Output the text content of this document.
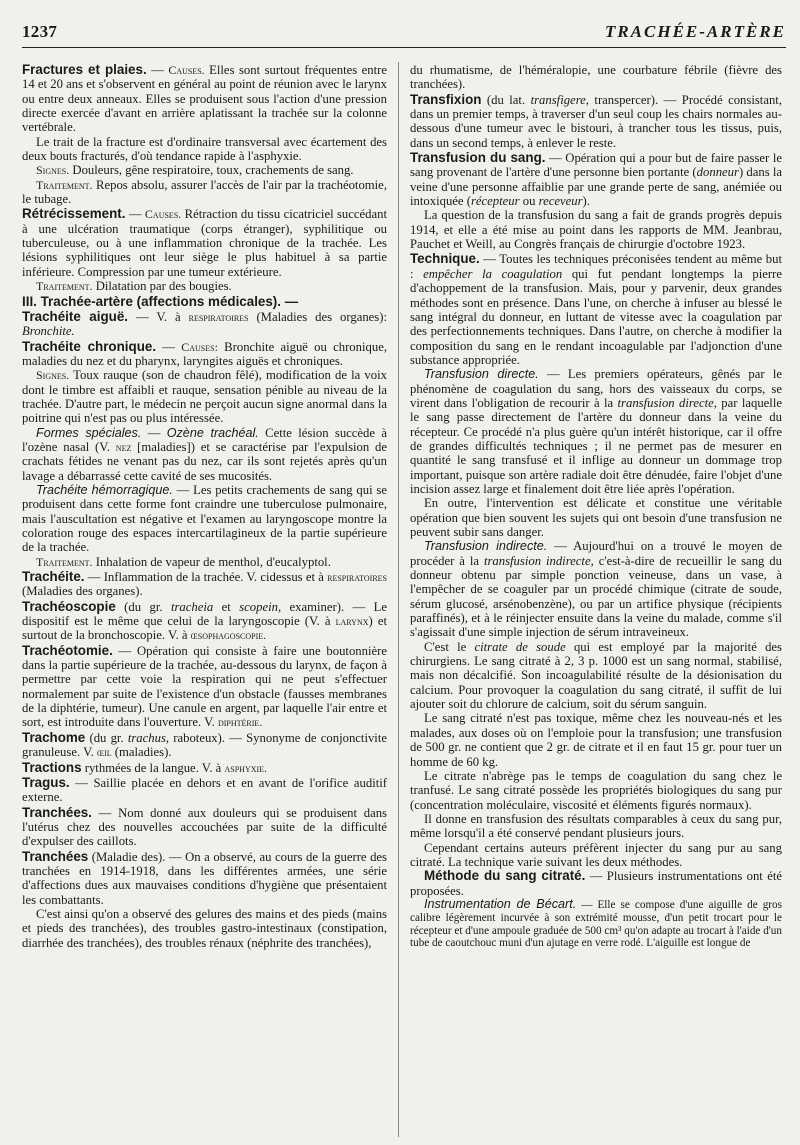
1237	TRACHÉE-ARTÈRE

Fractures et plaies. — Causes. Elles sont surtout fréquentes entre 14 et 20 ans et s'observent en général au point de réunion avec le larynx ou entre deux anneaux. Elles se produisent sous l'action d'une pression directe exercée d'avant en arrière aplatissant la trachée sur la colonne vertébrale.

Le trait de la fracture est d'ordinaire transversal avec écartement des deux bouts fracturés, d'où tendance rapide à l'asphyxie.

Signes. Douleurs, gêne respiratoire, toux, crachements de sang.

Traitement. Repos absolu, assurer l'accès de l'air par la trachéotomie, le tubage.

Rétrécissement. — Causes. Rétraction du tissu cicatriciel succédant à une ulcération traumatique (corps étranger), syphilitique ou tuberculeuse, ou à une inflammation chronique de la trachée. Les lésions syphilitiques ont leur siège le plus habituel à sa partie inférieure. Compression par une tumeur extérieure.

Traitement. Dilatation par des bougies.

III. Trachée-artère (affections médicales). —

Trachéite aiguë. — V. à respiratoires (Maladies des organes): Bronchite.

Trachéite chronique. — Causes: Bronchite aiguë ou chronique, maladies du nez et du pharynx, laryngites aiguës et chroniques.

Signes. Toux rauque (son de chaudron fêlé), modification de la voix dont le timbre est affaibli et rauque, sensation pénible au niveau de la trachée. D'autre part, le médecin ne perçoit aucun signe anormal dans la poitrine qui n'est pas ou plus intéressée.

Formes spéciales. — Ozène trachéal. Cette lésion succède à l'ozène nasal (V. nez [maladies]) et se caractérise par l'expulsion de crachats fétides ne venant pas du nez, car ils sont rejetés après qu'un lavage a débarrassé cette cavité de ses mucosités.

Trachéite hémorragique. — Les petits crachements de sang qui se produisent dans cette forme font craindre une tuberculose pulmonaire, mais l'auscultation est négative et l'examen au laryngoscope montre la coloration rouge des espaces intercartilagineux de la partie supérieure de la trachée.

Traitement. Inhalation de vapeur de menthol, d'eucalyptol.

Trachéite. — Inflammation de la trachée. V. cidessus et à respiratoires (Maladies des organes).

Trachéoscopie (du gr. tracheia et scopein, examiner). — Le dispositif est le même que celui de la laryngoscopie (V. à larynx) et surtout de la bronchoscopie. V. à œsophagoscopie.

Trachéotomie. — Opération qui consiste à faire une boutonnière dans la partie supérieure de la trachée, au-dessous du larynx, de façon à permettre par cette voie la respiration qui ne peut s'effectuer normalement par suite de l'existence d'un obstacle (fausses membranes de la diphtérie, tumeur). Une canule en argent, par laquelle l'air entre et sort, est introduite dans l'ouverture. V. diphtérie.

Trachome (du gr. trachus, raboteux). — Synonyme de conjonctivite granuleuse. V. œil (maladies).

Tractions rythmées de la langue. V. à asphyxie.

Tragus. — Saillie placée en dehors et en avant de l'orifice auditif externe.

Tranchées. — Nom donné aux douleurs qui se produisent dans l'utérus chez des nouvelles accouchées par suite de la difficulté d'expulser des caillots.

Tranchées (Maladie des). — On a observé, au cours de la guerre des tranchées en 1914-1918, dans les différentes armées, une série d'affections dues aux mauvaises conditions d'hygiène que présentaient les combattants.

C'est ainsi qu'on a observé des gelures des mains et des pieds (mains et pieds des tranchées), des troubles gastro-intestinaux (constipation, diarrhée des tranchées), des troubles rénaux (néphrite des tranchées),

du rhumatisme, de l'héméralopie, une courbature fébrile (fièvre des tranchées).

Transfixion (du lat. transfigere, transpercer). — Procédé consistant, dans un premier temps, à traverser d'un seul coup les chairs normales au-dessous d'une tumeur avec le bistouri, à trancher tous les tissus, puis, dans un second temps, à enlever le reste.

Transfusion du sang. — Opération qui a pour but de faire passer le sang provenant de l'artère d'une personne bien portante (donneur) dans la veine d'une personne affaiblie par une grande perte de sang, anémiée ou intoxiquée (récepteur ou receveur).

La question de la transfusion du sang a fait de grands progrès depuis 1914, et elle a été mise au point dans les rapports de MM. Jeanbrau, Pauchet et Weill, au Congrès français de chirurgie d'octobre 1923.

Technique. — Toutes les techniques préconisées tendent au même but : empêcher la coagulation qui fut pendant longtemps la pierre d'achoppement de la transfusion. Mais, pour y parvenir, deux grandes méthodes sont en présence. Dans l'une, on cherche à infuser au blessé le sang intégral du donneur, en luttant de vitesse avec la coagulation par des perfectionnements techniques. Dans l'autre, on cherche à modifier la composition du sang en le rendant incoagulable par l'adjonction d'une substance appropriée.

Transfusion directe. — Les premiers opérateurs, gênés par le phénomène de coagulation du sang, hors des vaisseaux du corps, se virent dans l'obligation de recourir à la transfusion directe, par laquelle le sang passe directement de l'artère du donneur dans la veine du récepteur. Ce procédé n'a plus guère qu'un intérêt historique, car il offre de grandes difficultés techniques ; il ne permet pas de mesurer en quantité le sang transfusé et il inflige au donneur un dommage trop important, puisque son artère radiale doit être dénudée, faire l'objet d'une incision assez large et finalement doit être liée après l'opération.

En outre, l'intervention est délicate et constitue une véritable opération que bien souvent les sujets qui ont besoin d'une transfusion ne peuvent subir sans danger.

Transfusion indirecte. — Aujourd'hui on a trouvé le moyen de procéder à la transfusion indirecte, c'est-à-dire de recueillir le sang du donneur obtenu par simple ponction veineuse, dans un vase, à l'empêcher de se coaguler par un procédé chimique (citrate de soude, sérum glucosé, arsénobenzène), ou par un artifice physique (récipients paraffinés), et à le réinjecter ensuite dans la veine du malade, comme s'il s'agissait d'une simple injection de sérum intraveineux.

C'est le citrate de soude qui est employé par la majorité des chirurgiens. Le sang citraté à 2, 3 p. 1000 est un sang normal, stabilisé, mais non décalcifié. Son incoagulabilité résulte de la désionisation du calcium. Pour provoquer la coagulation du sang citraté, il suffit de lui ajouter soit du chlorure de calcium, soit du sérum sanguin.

Le sang citraté n'est pas toxique, même chez les nouveau-nés et les malades, aux doses où on l'emploie pour la transfusion; une transfusion de 500 gr. ne contient que 2 gr. de citrate et il en faut 15 gr. pour tuer un homme de 60 kg.

Le citrate n'abrège pas le temps de coagulation du sang chez le tranfusé. Le sang citraté possède les propriétés biologiques du sang pur (concentration moléculaire, viscosité et éléments figurés normaux).

Il donne en transfusion des résultats comparables à ceux du sang pur, même lorsqu'il a été conservé pendant plusieurs jours.

Cependant certains auteurs préfèrent injecter du sang pur au sang citraté. La technique varie suivant les deux méthodes.

Méthode du sang citraté. — Plusieurs instrumentations ont été proposées.

Instrumentation de Bécart. — Elle se compose d'une aiguille de gros calibre légèrement incurvée à son extrémité mousse, d'un petit trocart pour le récepteur et d'une ampoule graduée de 500 cm³ qu'on adapte au trocart à l'aide d'un tube de caoutchouc muni d'un ajutage en verre rodé. L'aiguille est longue de
